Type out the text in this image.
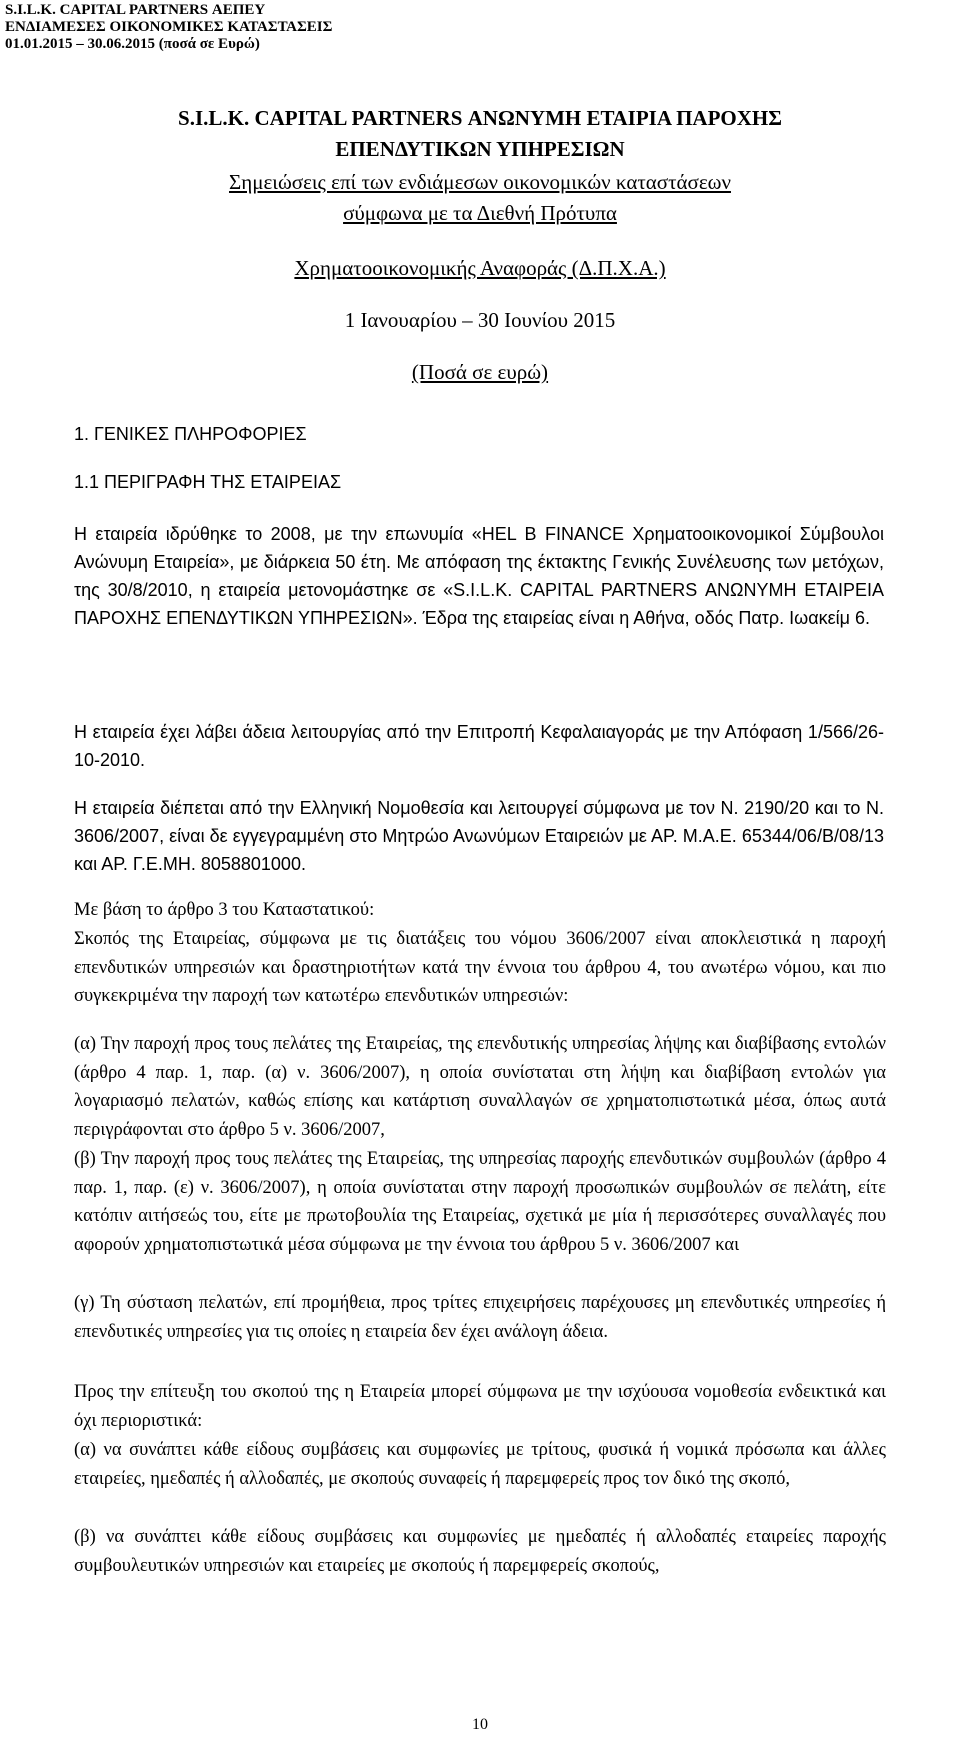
S.I.L.K. CAPITAL PARTNERS ΑΕΠΕΥ
ΕΝΔΙΑΜΕΣΕΣ ΟΙΚΟΝΟΜΙΚΕΣ ΚΑΤΑΣΤΑΣΕΙΣ
01.01.2015 – 30.06.2015 (ποσά σε Ευρώ)
S.I.L.K. CAPITAL PARTNERS ΑΝΩΝΥΜΗ ΕΤΑΙΡΙΑ ΠΑΡΟΧΗΣ
ΕΠΕΝΔΥΤΙΚΩΝ ΥΠΗΡΕΣΙΩΝ
Σημειώσεις επί των ενδιάμεσων οικονομικών καταστάσεων
σύμφωνα με τα Διεθνή Πρότυπα
Χρηματοοικονομικής Αναφοράς (Δ.Π.Χ.Α.)
1 Ιανουαρίου – 30 Ιουνίου 2015
(Ποσά σε ευρώ)
1. ΓΕΝΙΚΕΣ ΠΛΗΡΟΦΟΡΙΕΣ
1.1 ΠΕΡΙΓΡΑΦΗ ΤΗΣ ΕΤΑΙΡΕΙΑΣ

Η εταιρεία ιδρύθηκε το 2008, με την επωνυμία «HEL B FINANCE Χρηματοοικονομικοί Σύμβουλοι Ανώνυμη Εταιρεία», με διάρκεια 50 έτη. Με απόφαση της έκτακτης Γενικής Συνέλευσης των μετόχων, της 30/8/2010, η εταιρεία μετονομάστηκε σε «S.I.L.K. CAPITAL PARTNERS ΑΝΩΝΥΜΗ ΕΤΑΙΡΕΙΑ ΠΑΡΟΧΗΣ ΕΠΕΝΔΥΤΙΚΩΝ ΥΠΗΡΕΣΙΩΝ». Έδρα της εταιρείας είναι η Αθήνα, οδός Πατρ. Ιωακείμ 6.

Η εταιρεία έχει λάβει άδεια λειτουργίας από την Επιτροπή Κεφαλαιαγοράς με την Απόφαση 1/566/26-10-2010.

Η εταιρεία διέπεται από την Ελληνική Νομοθεσία και λειτουργεί σύμφωνα με τον Ν. 2190/20 και το Ν. 3606/2007, είναι δε εγγεγραμμένη στο Μητρώο Ανωνύμων Εταιρειών με ΑΡ. Μ.Α.Ε. 65344/06/Β/08/13 και ΑΡ. Γ.Ε.ΜΗ. 8058801000.

Με βάση το άρθρο 3 του Καταστατικού:

Σκοπός της Εταιρείας, σύμφωνα με τις διατάξεις του νόμου 3606/2007 είναι αποκλειστικά η παροχή επενδυτικών υπηρεσιών και δραστηριοτήτων κατά την έννοια του άρθρου 4, του ανωτέρω νόμου, και πιο συγκεκριμένα την παροχή των κατωτέρω επενδυτικών υπηρεσιών:

(α) Την παροχή προς τους πελάτες της Εταιρείας, της επενδυτικής υπηρεσίας λήψης και διαβίβασης εντολών (άρθρο 4 παρ. 1, παρ. (α) ν. 3606/2007), η οποία συνίσταται στη λήψη και διαβίβαση εντολών για λογαριασμό πελατών, καθώς επίσης και κατάρτιση συναλλαγών σε χρηματοπιστωτικά μέσα, όπως αυτά περιγράφονται στο άρθρο 5 ν. 3606/2007,

(β) Την παροχή προς τους πελάτες της Εταιρείας, της υπηρεσίας παροχής επενδυτικών συμβουλών (άρθρο 4 παρ. 1, παρ. (ε) ν. 3606/2007), η οποία συνίσταται στην παροχή προσωπικών συμβουλών σε πελάτη, είτε κατόπιν αιτήσεώς του, είτε με πρωτοβουλία της Εταιρείας, σχετικά με μία ή περισσότερες συναλλαγές που αφορούν χρηματοπιστωτικά μέσα σύμφωνα με την έννοια του άρθρου 5 ν. 3606/2007 και

(γ) Τη σύσταση πελατών, επί προμήθεια, προς τρίτες επιχειρήσεις παρέχουσες μη επενδυτικές υπηρεσίες ή επενδυτικές υπηρεσίες για τις οποίες η εταιρεία δεν έχει ανάλογη άδεια.

Προς την επίτευξη του σκοπού της η Εταιρεία μπορεί σύμφωνα με την ισχύουσα νομοθεσία ενδεικτικά και όχι περιοριστικά:

(α) να συνάπτει κάθε είδους συμβάσεις και συμφωνίες με τρίτους, φυσικά ή νομικά πρόσωπα και άλλες εταιρείες, ημεδαπές ή αλλοδαπές, με σκοπούς συναφείς ή παρεμφερείς προς τον δικό της σκοπό,

(β) να συνάπτει κάθε είδους συμβάσεις και συμφωνίες με ημεδαπές ή αλλοδαπές εταιρείες παροχής συμβουλευτικών υπηρεσιών και εταιρείες με σκοπούς ή παρεμφερείς σκοπούς,

10
